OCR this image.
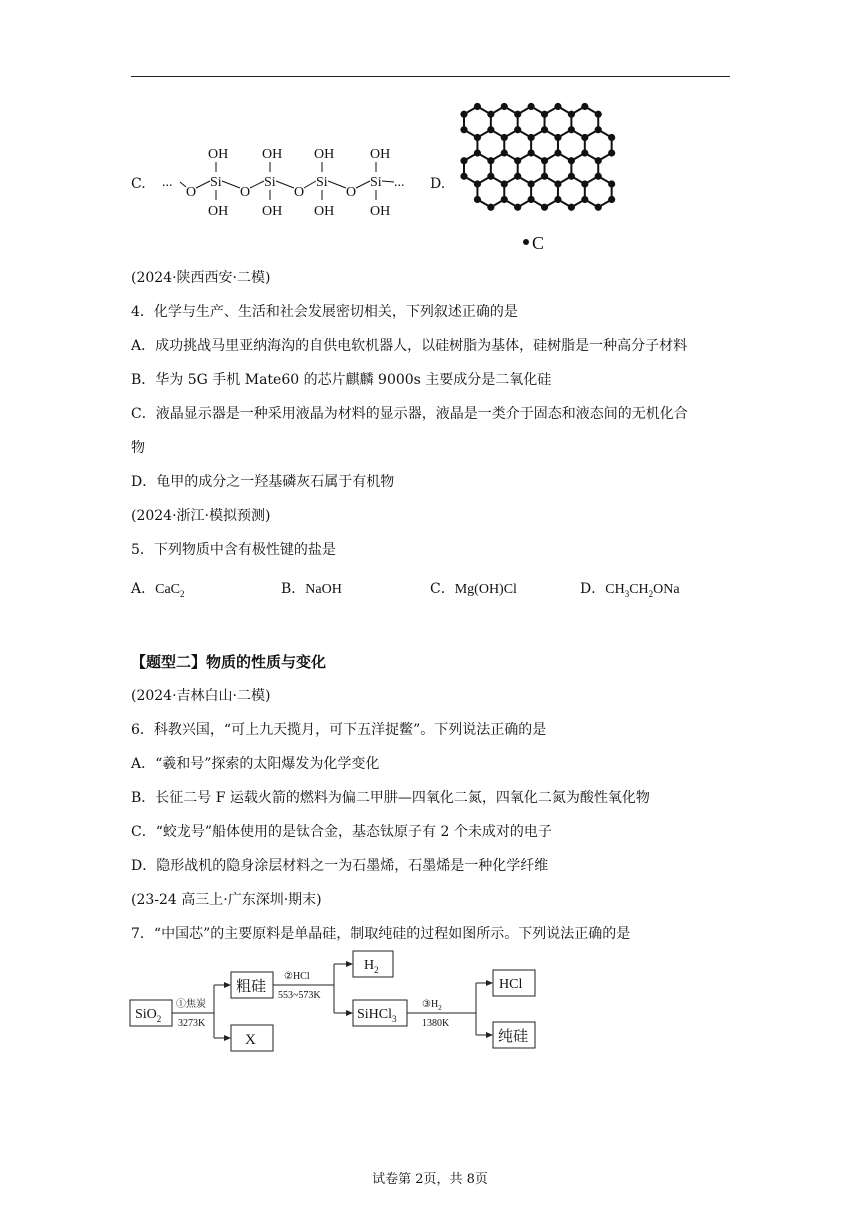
C. ...
O
Si
OH
OH
O
Si
OH
OH
O
Si
OH
OH
O
Si
OH
OH
... D.
C
(2024·陕西西安·二模)
4．化学与生产、生活和社会发展密切相关，下列叙述正确的是
A．成功挑战马里亚纳海沟的自供电软机器人，以硅树脂为基体，硅树脂是一种高分子材料
B．华为 5G 手机 Mate60 的芯片麒麟 9000s 主要成分是二氧化硅
C．液晶显示器是一种采用液晶为材料的显示器，液晶是一类介于固态和液态间的无机化合
物
D．龟甲的成分之一羟基磷灰石属于有机物
(2024·浙江·模拟预测)
5．下列物质中含有极性键的盐是
A．CaC$_2$	B．NaOH	C．Mg(OH)Cl	D．$CH_3CH_2ONa$
【题型二】物质的性质与变化
(2024·吉林白山·二模)
6．科教兴国，“可上九天揽月，可下五洋捉鳖”。下列说法正确的是
A．“羲和号”探索的太阳爆发为化学变化
B．长征二号 F 运载火箭的燃料为偏二甲肼—四氧化二氮，四氧化二氮为酸性氧化物
C．“蛟龙号”船体使用的是钛合金，基态钛原子有 2 个未成对的电子
D．隐形战机的隐身涂层材料之一为石墨烯，石墨烯是一种化学纤维
(23-24 高三上·广东深圳·期末)
7．“中国芯”的主要原料是单晶硅，制取纯硅的过程如图所示。下列说法正确的是
SiO$_2$
①焦炭
3273K
粗硅
X
②HCl
553~573K
$H_2$
SiHCl$_3$
$③H_2$
1380K
HCl
纯硅
试卷第 2页，共 8页
